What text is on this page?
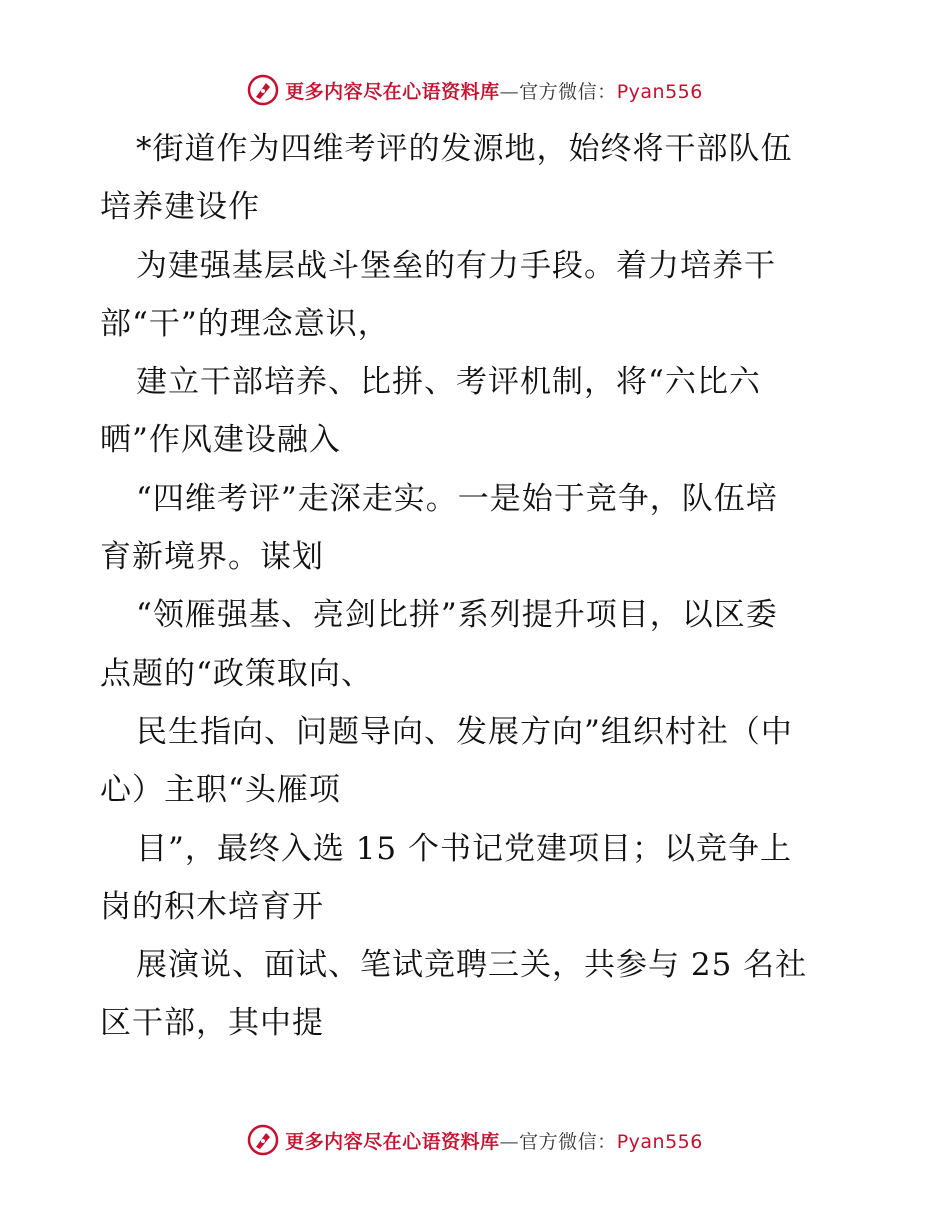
更多内容尽在心语资料库—官方微信：Pyan556
*街道作为四维考评的发源地，始终将干部队伍
培养建设作
为建强基层战斗堡垒的有力手段。着力培养干
部“干”的理念意识，
建立干部培养、比拼、考评机制，将“六比六
晒”作风建设融入
“四维考评”走深走实。一是始于竞争，队伍培
育新境界。谋划
“领雁强基、亮剑比拼”系列提升项目，以区委
点题的“政策取向、
民生指向、问题导向、发展方向”组织村社（中
心）主职“头雁项
目”，最终入选 15 个书记党建项目；以竞争上
岗的积木培育开
展演说、面试、笔试竞聘三关，共参与 25 名社
区干部，其中提
更多内容尽在心语资料库—官方微信：Pyan556
